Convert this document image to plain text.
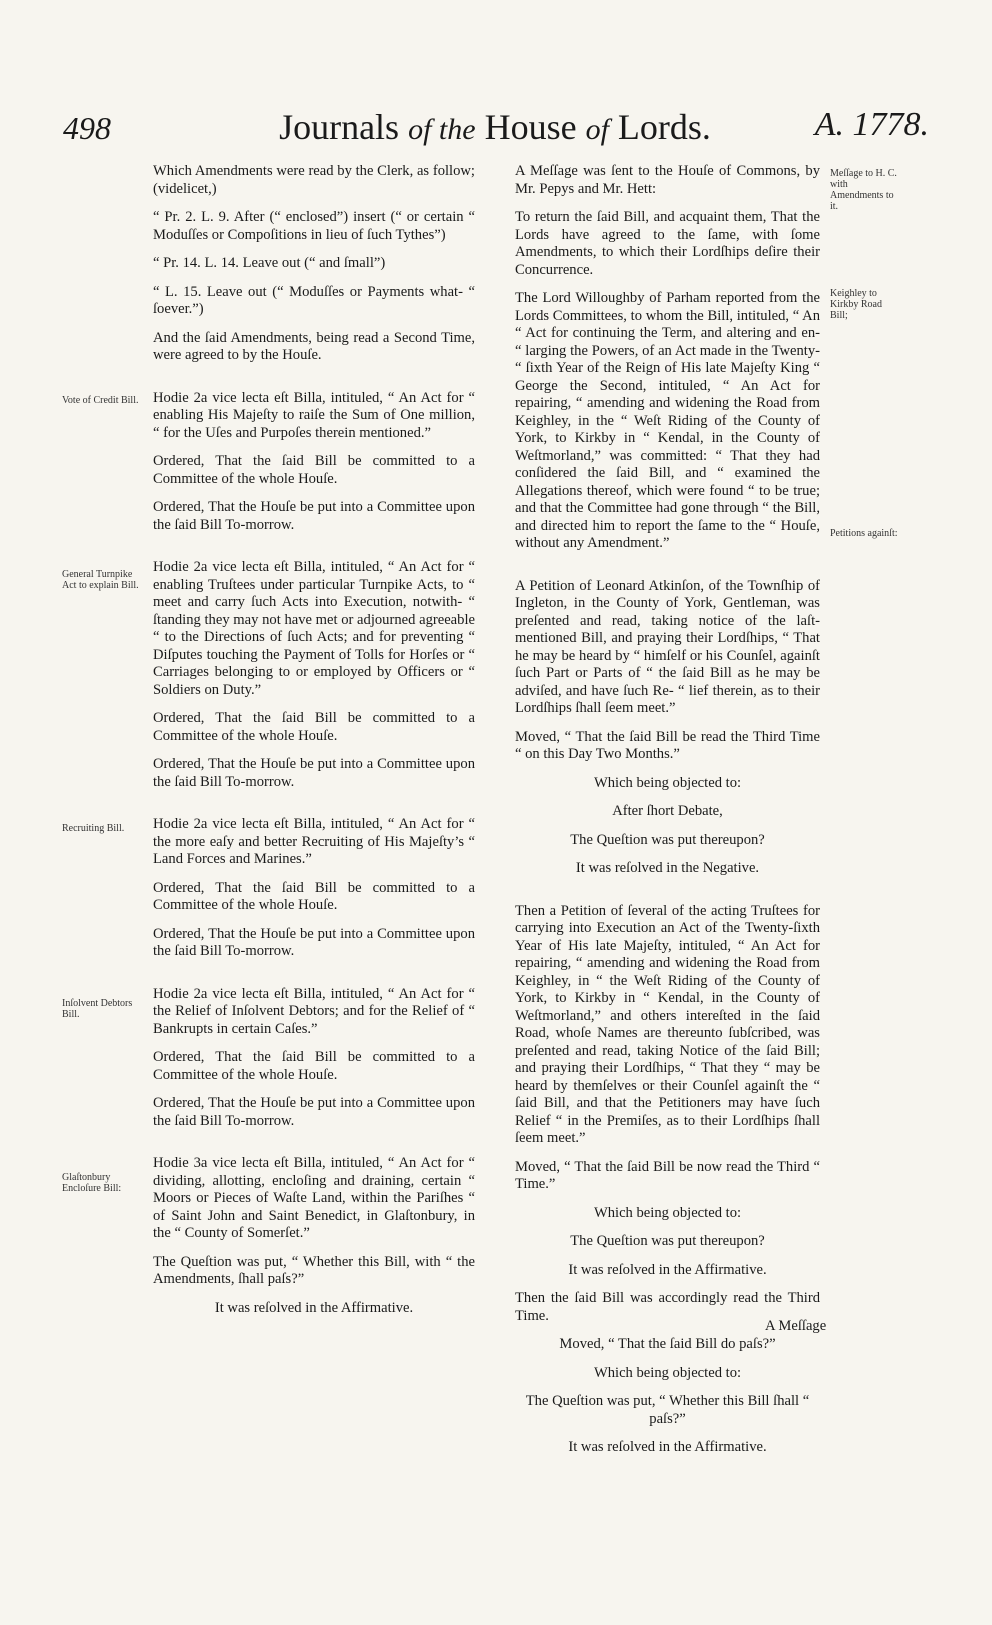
498	Journals of the House of Lords.	A. 1778.
Vote of Credit Bill.
General Turnpike Act to explain Bill.
Recruiting Bill.
Inſolvent Debtors Bill.
Glaſtonbury Encloſure Bill:
Meſſage to H. C. with Amendments to it.
Keighley to Kirkby Road Bill;
Petitions againſt:

Which Amendments were read by the Clerk, as follow; (videlicet,)

“ Pr. 2. L. 9. After (“ enclosed”) insert (“ or certain “ Moduſſes or Compoſitions in lieu of ſuch Tythes”)

“ Pr. 14. L. 14. Leave out (“ and ſmall”)

“ L. 15. Leave out (“ Moduſſes or Payments what- “ ſoever.”)

And the ſaid Amendments, being read a Second Time, were agreed to by the Houſe.

Hodie 2a vice lecta eſt Billa, intituled, “ An Act for “ enabling His Majeſty to raiſe the Sum of One million, “ for the Uſes and Purpoſes therein mentioned.”

Ordered, That the ſaid Bill be committed to a Committee of the whole Houſe.

Ordered, That the Houſe be put into a Committee upon the ſaid Bill To-morrow.

Hodie 2a vice lecta eſt Billa, intituled, “ An Act for “ enabling Truſtees under particular Turnpike Acts, to “ meet and carry ſuch Acts into Execution, notwith- “ ſtanding they may not have met or adjourned agreeable “ to the Directions of ſuch Acts; and for preventing “ Diſputes touching the Payment of Tolls for Horſes or “ Carriages belonging to or employed by Officers or “ Soldiers on Duty.”

Ordered, That the ſaid Bill be committed to a Committee of the whole Houſe.

Ordered, That the Houſe be put into a Committee upon the ſaid Bill To-morrow.

Hodie 2a vice lecta eſt Billa, intituled, “ An Act for “ the more eaſy and better Recruiting of His Majeſty’s “ Land Forces and Marines.”

Ordered, That the ſaid Bill be committed to a Committee of the whole Houſe.

Ordered, That the Houſe be put into a Committee upon the ſaid Bill To-morrow.

Hodie 2a vice lecta eſt Billa, intituled, “ An Act for “ the Relief of Inſolvent Debtors; and for the Relief of “ Bankrupts in certain Caſes.”

Ordered, That the ſaid Bill be committed to a Committee of the whole Houſe.

Ordered, That the Houſe be put into a Committee upon the ſaid Bill To-morrow.

Hodie 3a vice lecta eſt Billa, intituled, “ An Act for “ dividing, allotting, encloſing and draining, certain “ Moors or Pieces of Waſte Land, within the Pariſhes “ of Saint John and Saint Benedict, in Glaſtonbury, in the “ County of Somerſet.”

The Queſtion was put, “ Whether this Bill, with “ the Amendments, ſhall paſs?”

It was reſolved in the Affirmative.

A Meſſage was ſent to the Houſe of Commons, by Mr. Pepys and Mr. Hett:

To return the ſaid Bill, and acquaint them, That the Lords have agreed to the ſame, with ſome Amendments, to which their Lordſhips deſire their Concurrence.

The Lord Willoughby of Parham reported from the Lords Committees, to whom the Bill, intituled, “ An “ Act for continuing the Term, and altering and en- “ larging the Powers, of an Act made in the Twenty- “ ſixth Year of the Reign of His late Majeſty King “ George the Second, intituled, “ An Act for repairing, “ amending and widening the Road from Keighley, in the “ Weſt Riding of the County of York, to Kirkby in “ Kendal, in the County of Weſtmorland,” was committed: “ That they had conſidered the ſaid Bill, and “ examined the Allegations thereof, which were found “ to be true; and that the Committee had gone through “ the Bill, and directed him to report the ſame to the “ Houſe, without any Amendment.”

A Petition of Leonard Atkinſon, of the Townſhip of Ingleton, in the County of York, Gentleman, was preſented and read, taking notice of the laſt-mentioned Bill, and praying their Lordſhips, “ That he may be heard by “ himſelf or his Counſel, againſt ſuch Part or Parts of “ the ſaid Bill as he may be adviſed, and have ſuch Re- “ lief therein, as to their Lordſhips ſhall ſeem meet.”

Moved, “ That the ſaid Bill be read the Third Time “ on this Day Two Months.”

Which being objected to:

After ſhort Debate,

The Queſtion was put thereupon?

It was reſolved in the Negative.

Then a Petition of ſeveral of the acting Truſtees for carrying into Execution an Act of the Twenty-ſixth Year of His late Majeſty, intituled, “ An Act for repairing, “ amending and widening the Road from Keighley, in “ the Weſt Riding of the County of York, to Kirkby in “ Kendal, in the County of Weſtmorland,” and others intereſted in the ſaid Road, whoſe Names are thereunto ſubſcribed, was preſented and read, taking Notice of the ſaid Bill; and praying their Lordſhips, “ That they “ may be heard by themſelves or their Counſel againſt the “ ſaid Bill, and that the Petitioners may have ſuch Relief “ in the Premiſes, as to their Lordſhips ſhall ſeem meet.”

Moved, “ That the ſaid Bill be now read the Third “ Time.”

Which being objected to:

The Queſtion was put thereupon?

It was reſolved in the Affirmative.

Then the ſaid Bill was accordingly read the Third Time.

Moved, “ That the ſaid Bill do paſs?”

Which being objected to:

The Queſtion was put, “ Whether this Bill ſhall “ paſs?”

It was reſolved in the Affirmative.

A Meſſage
